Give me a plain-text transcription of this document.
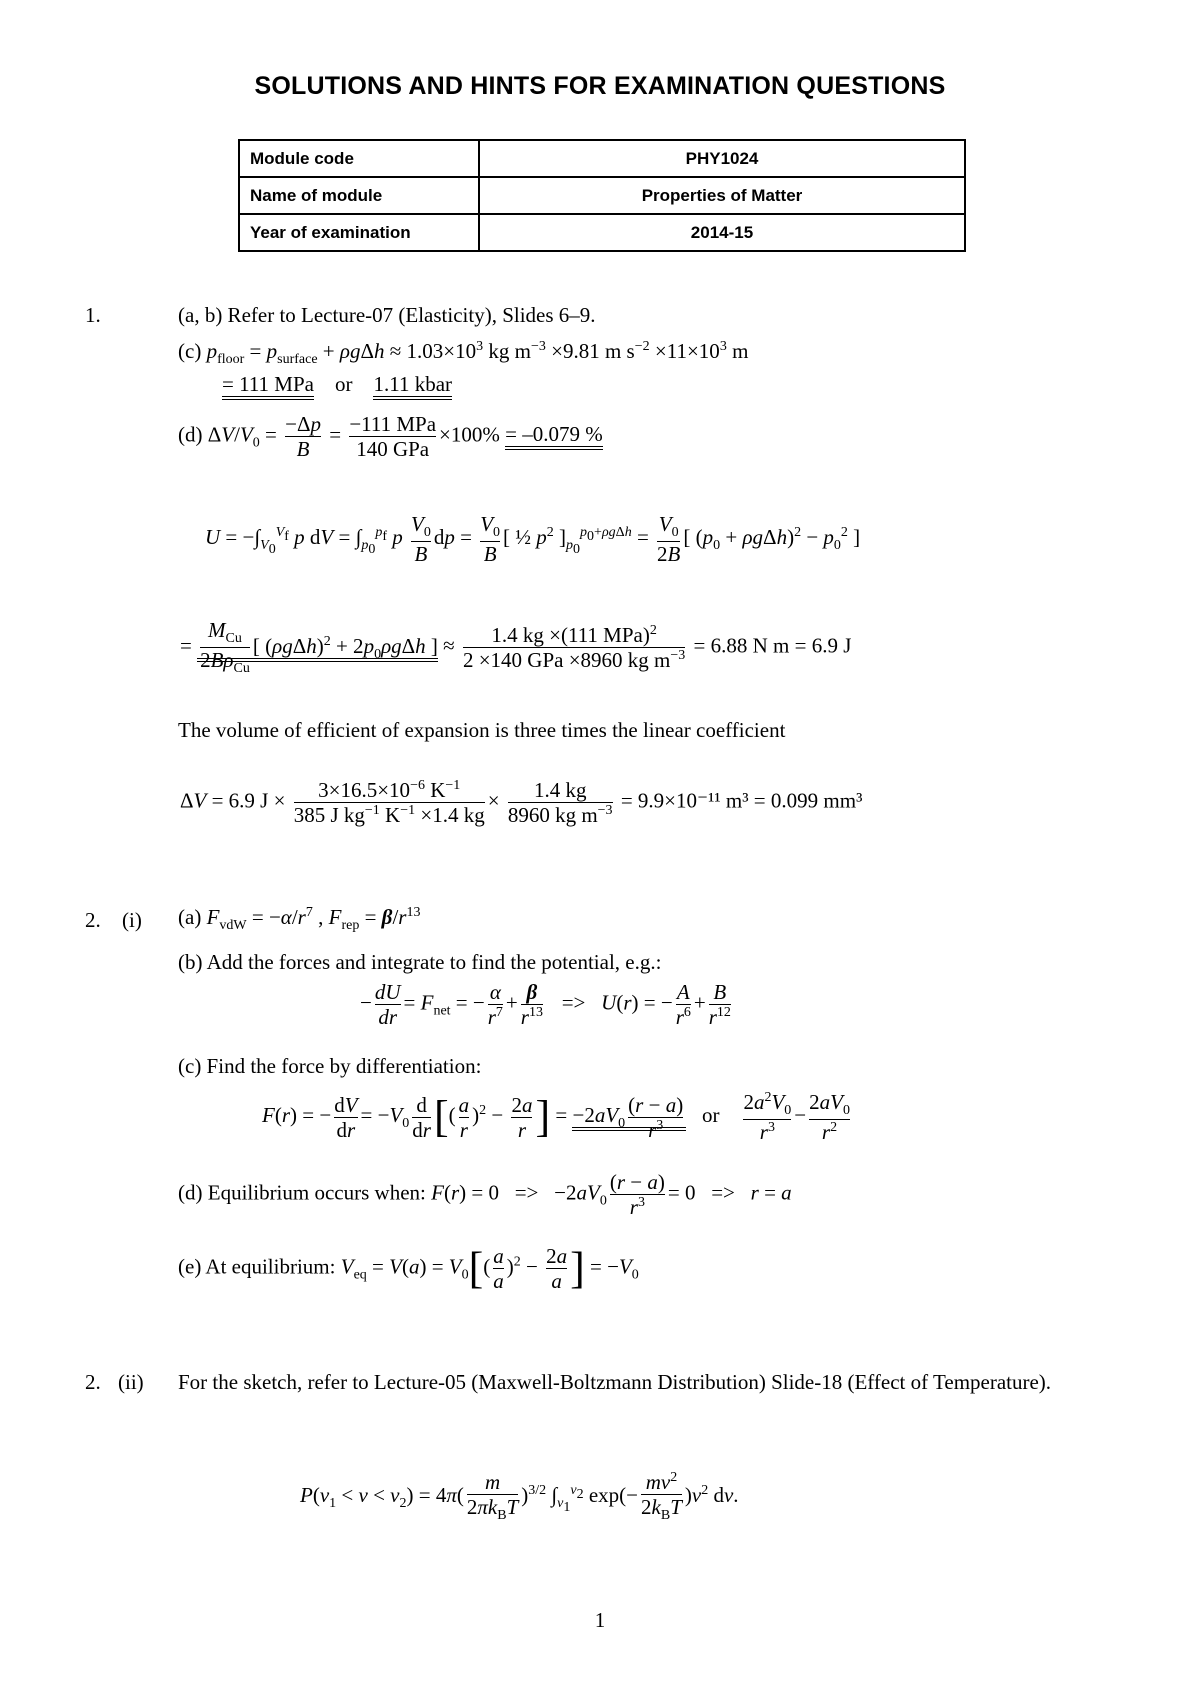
SOLUTIONS AND HINTS FOR EXAMINATION QUESTIONS
Module code	PHY1024
Name of module	Properties of Matter
Year of examination	2014-15
1.	(a, b) Refer to Lecture-07 (Elasticity), Slides 6–9.
(c) $p_{floor} = p_{surface} + \rho g\Delta h \approx 1.03\times 10^3$ kg $m^{-3} \times 9.81$ m $s^{-2} \times 11\times 10^3$ m
= 111 MPa or 1.11 kbar
(d) $\Delta V/V_0 = \frac{-\Delta p}{B} = \frac{\text{−111 MPa}}{\text{140 GPa}} \times 100\% = -0.079$ %
$U = -\int_{V_0}^{V_f}$ p dV = $\int_{p_0}^{p_f}$ p $\frac{V_0}{B}$ dp = $\frac{V_0}{B}$ [ ½ $p^2$ ]$_{p_0}^{p_0+\rho g\Delta h} = \frac{V_0}{2B}$ [ $(p_0 + \rho g\Delta h)^2 - p_0^2$ ]
= $\frac{M_{Cu}}{2B\rho_{Cu}}$ [ $(\rho g\Delta h)^2 + 2p_0\rho g\Delta h$ ] ≈ $\frac{1.4 kg \times(111 MPa)^2}{2 \times 140 GPa \times 8960 kg m^{-3}} = 6.88$ N m = 6.9 J
The volume of efficient of expansion is three times the linear coefficient
ΔV = 6.9 $J \times \frac{3\times 16.5\times 10^{-6} K^{-1}}{385 J kg^{-1} K^{-1} \times 1.4 kg} \times \frac{1.4 kg}{8960 kg m^{-3}} = 9.9\times 10^{-11}$ m³ = 0.099 mm³
2. (i) (a) $F_{vdW} = -\alpha/r^7$ , $F_{rep} = \beta/r^{13}$
(b) Add the forces and integrate to find the potential, e.g.:
− $\frac{dU}{dr} = F_{net}$ = − $\frac{\alpha}{r^7} + \frac{\beta}{r^{13}} => U(r)$ = − $\frac{A}{r^6} + \frac{B}{r^{12}}$
(c) Find the force by differentiation:
F(r) = − $\frac{dV}{dr} = -V_0 \frac{d}{dr}$ [( $\frac{a}{r} )^2 - \frac{2a}{r}$ ] = $-2aV_0 \frac{(r - a)}{r^3}$ or $\frac{2a^2V_0}{r^3} - \frac{2aV_0}{r^2}$
(d) Equilibrium occurs when: $F(r) = 0 => -2aV_0 \frac{(r - a)}{r^3} = 0 => r = a$
(e) At equilibrium: $V_{eq} = V(a) = V_0[( \frac{a}{a} )^2 - \frac{2a}{a}$ ] = $-V_0$
2. (ii) For the sketch, refer to Lecture-05 (Maxwell-Boltzmann Distribution) Slide-18 (Effect of Temperature).
$P(v_1 < v < v_2) = 4\pi( \frac{m}{2\pi k_BT} )^{3/2}$ $\int_{v_1}^{v_2}$ $\exp(- \frac{mv^2}{2k_BT} )v^2$ dv.
1
